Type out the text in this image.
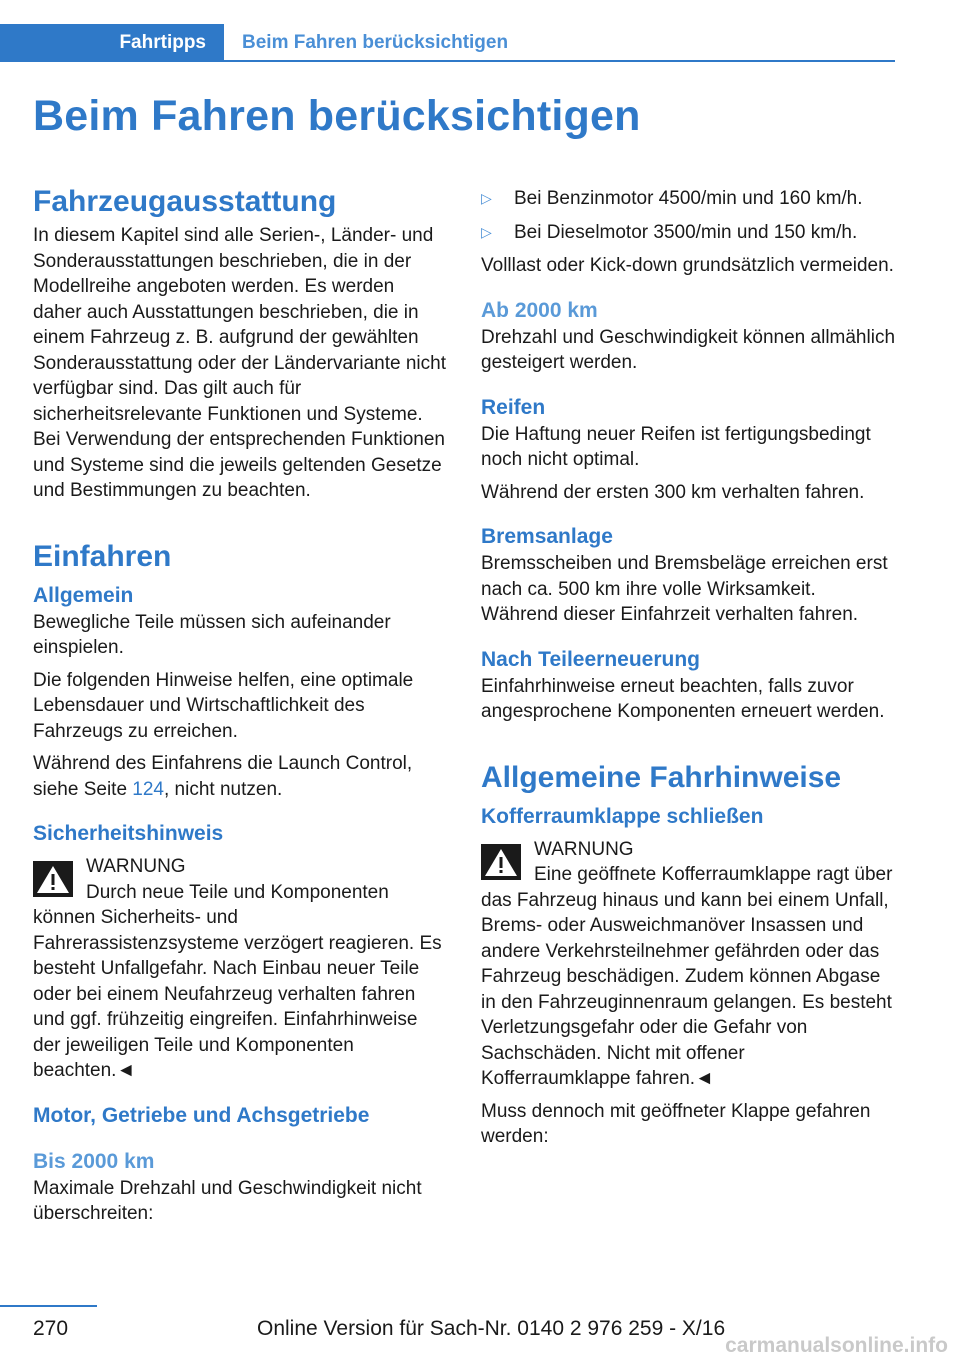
Fahrtipps	Beim Fahren berücksichtigen
Beim Fahren berücksichtigen
Fahrzeugausstattung

In diesem Kapitel sind alle Serien-, Länder- und Sonderausstattungen beschrieben, die in der Modellreihe angeboten werden. Es werden daher auch Ausstattungen beschrieben, die in einem Fahrzeug z. B. aufgrund der gewählten Sonderausstattung oder der Ländervariante nicht verfügbar sind. Das gilt auch für sicherheitsrelevante Funktionen und Systeme. Bei Verwendung der entsprechenden Funktionen und Systeme sind die jeweils geltenden Gesetze und Bestimmungen zu beachten.

Einfahren
Allgemein

Bewegliche Teile müssen sich aufeinander einspielen.

Die folgenden Hinweise helfen, eine optimale Lebensdauer und Wirtschaftlichkeit des Fahrzeugs zu erreichen.

Während des Einfahrens die Launch Control, siehe Seite 124, nicht nutzen.

Sicherheitshinweis
WARNUNG
Durch neue Teile und Komponenten können Sicherheits- und Fahrerassistenzsysteme verzögert reagieren. Es besteht Unfallgefahr. Nach Einbau neuer Teile oder bei einem Neufahrzeug verhalten fahren und ggf. frühzeitig eingreifen. Einfahrhinweise der jeweiligen Teile und Komponenten beachten.◄
Motor, Getriebe und Achsgetriebe
Bis 2000 km

Maximale Drehzahl und Geschwindigkeit nicht überschreiten:

▷ Bei Benzinmotor 4500/min und 160 km/h.
▷ Bei Dieselmotor 3500/min und 150 km/h.

Volllast oder Kick-down grundsätzlich vermeiden.

Ab 2000 km

Drehzahl und Geschwindigkeit können allmählich gesteigert werden.

Reifen

Die Haftung neuer Reifen ist fertigungsbedingt noch nicht optimal.

Während der ersten 300 km verhalten fahren.

Bremsanlage

Bremsscheiben und Bremsbeläge erreichen erst nach ca. 500 km ihre volle Wirksamkeit. Während dieser Einfahrzeit verhalten fahren.

Nach Teileerneuerung

Einfahrhinweise erneut beachten, falls zuvor angesprochene Komponenten erneuert werden.

Allgemeine Fahrhinweise
Kofferraumklappe schließen
WARNUNG
Eine geöffnete Kofferraumklappe ragt über das Fahrzeug hinaus und kann bei einem Unfall, Brems- oder Ausweichmanöver Insassen und andere Verkehrsteilnehmer gefährden oder das Fahrzeug beschädigen. Zudem können Abgase in den Fahrzeuginnenraum gelangen. Es besteht Verletzungsgefahr oder die Gefahr von Sachschäden. Nicht mit offener Kofferraumklappe fahren.◄

Muss dennoch mit geöffneter Klappe gefahren werden:

270	Online Version für Sach-Nr. 0140 2 976 259 - X/16
carmanualsonline.info
